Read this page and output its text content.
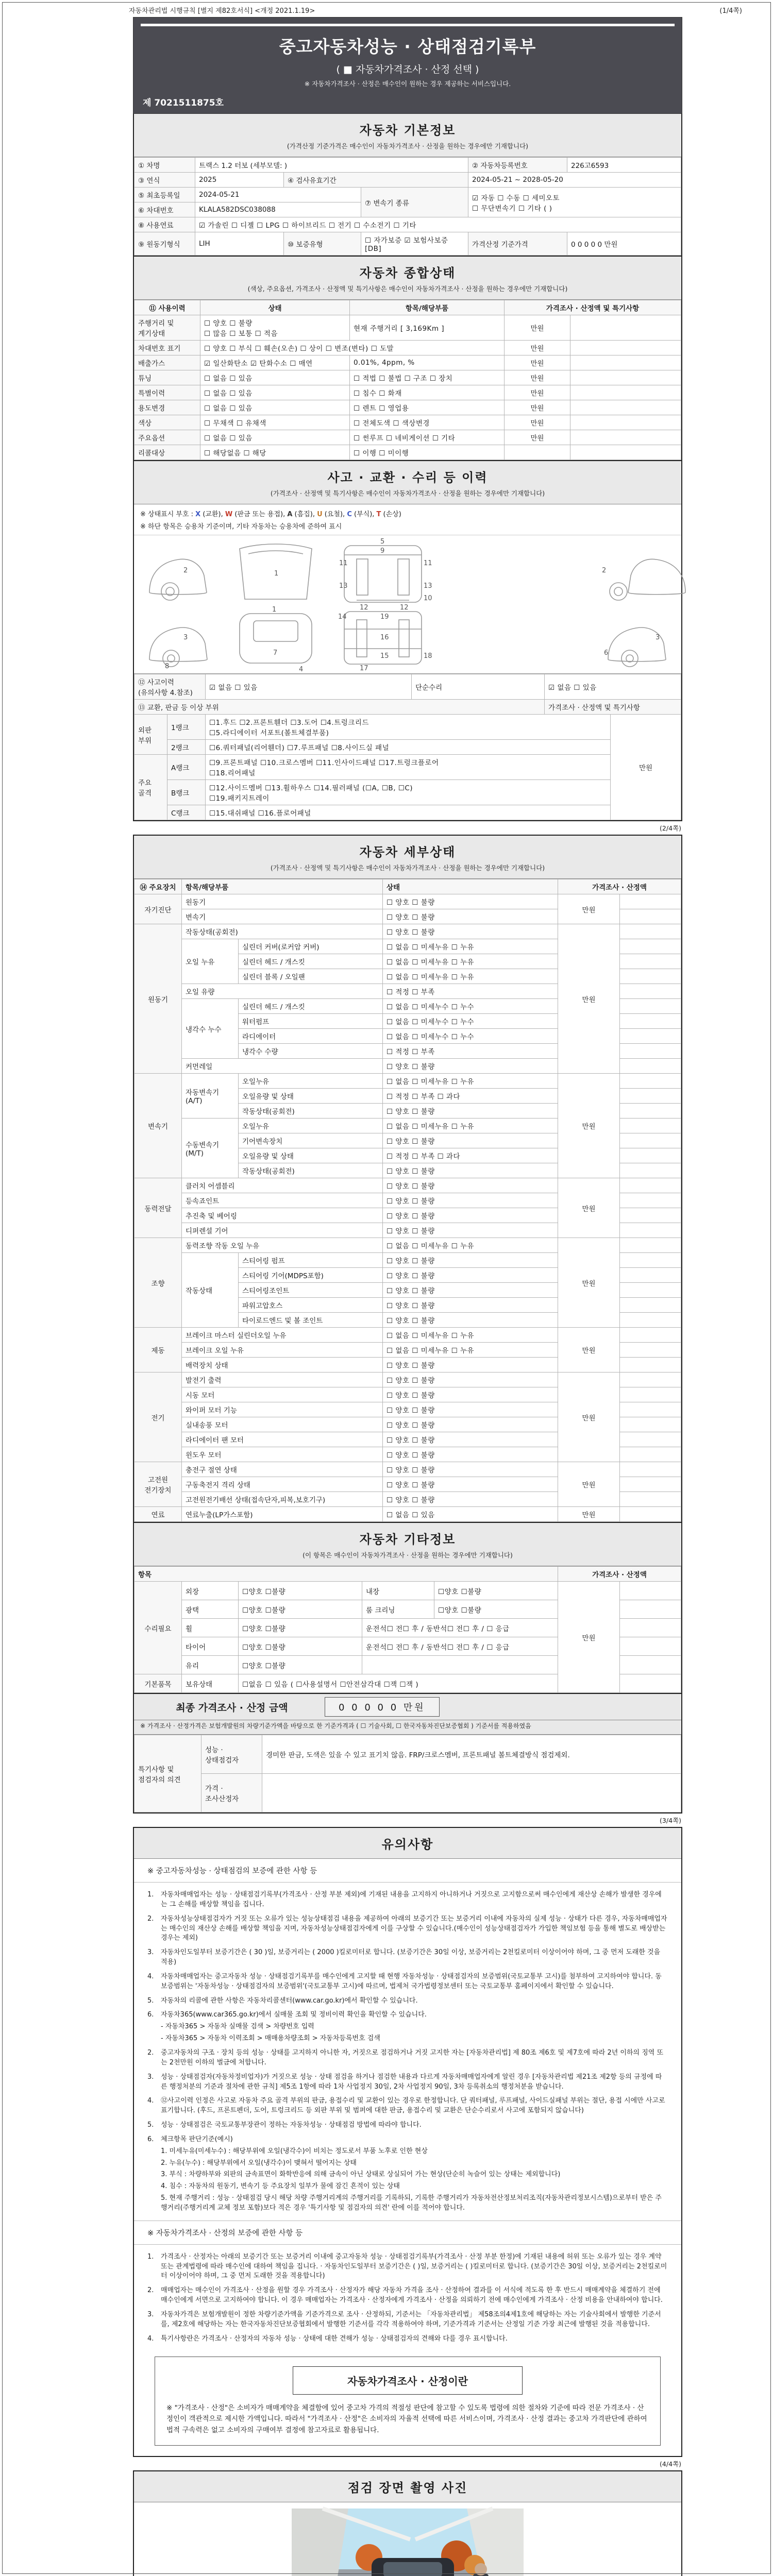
자동차관리법 시행규칙 [별지 제82호서식] <개정 2021.1.19>	(1/4쪽)
중고자동차성능 · 상태점검기록부
( ■ 자동차가격조사 · 산정 선택 )
※ 자동차가격조사 · 산정은 매수인이 원하는 경우 제공하는 서비스입니다.
제 7021511875호
자동차 기본정보
(가격산정 기준가격은 매수인이 자동차가격조사 · 산정을 원하는 경우에만 기재합니다)
① 차명	트랙스 1.2 터보 (세부모델: )			② 자동차등록번호	226고6593
③ 연식	2025	④ 검사유효기간		2024-05-21 ~ 2028-05-20	
⑤ 최초등록일	2024-05-21		⑦ 변속기 종류	☑ 자동 ☐ 수동 ☐ 세미오토
☐ 무단변속기 ☐ 기타 ( )	

⑥ 차대번호	KLALA582DSC038088				
⑧ 사용연료	☑ 가솔린 ☐ 디젤 ☐ LPG ☐ 하이브리드 ☐ 전기 ☐ 수소전기 ☐ 기타				
⑨ 원동기형식	LIH	⑩ 보증유형	☐ 자가보증 ☑ 보험사보증 [DB]	가격산정 기준가격	0 0 0 0 0 만원
자동차 종합상태
(색상, 주요옵션, 가격조사 · 산정액 및 특기사항은 매수인이 자동차가격조사 · 산정을 원하는 경우에만 기재합니다)
⑪ 사용이력	상태	항목/해당부품	가격조사 · 산정액 및 특기사항	
주행거리 및 계기상태	☐ 양호 ☐ 불량
☐ 많음 ☐ 보통 ☐ 적음	현재 주행거리 [ 3,169Km ]	만원	
차대번호 표기	☐ 양호 ☐ 부식 ☐ 훼손(오손) ☐ 상이 ☐ 변조(변타) ☐ 도말		만원	
배출가스	☑ 일산화탄소 ☑ 탄화수소 ☐ 매연	0.01%, 4ppm, %	만원	
튜닝	☐ 없음 ☐ 있음	☐ 적법 ☐ 불법 ☐ 구조 ☐ 장치	만원	
특별이력	☐ 없음 ☐ 있음	☐ 침수 ☐ 화재	만원	
용도변경	☐ 없음 ☐ 있음	☐ 렌트 ☐ 영업용	만원	
색상	☐ 무채색 ☐ 유채색	☐ 전체도색 ☐ 색상변경	만원	
주요옵션	☐ 없음 ☐ 있음	☐ 썬루프 ☐ 네비게이션 ☐ 기타	만원	
리콜대상	☐ 해당없음 ☐ 해당	☐ 이행 ☐ 미이행		
사고 · 교환 · 수리 등 이력
(가격조사 · 산정액 및 특기사항은 매수인이 자동차가격조사 · 산정을 원하는 경우에만 기재합니다)
※ 상태표시 부호 : X (교환), W (판금 또는 용접), A (흠집), U (요철), C (부식), T (손상)
※ 하단 항목은 승용차 기준이며, 기타 자동차는 승용차에 준하여 표시
2	1
11	11
13	13
12	12
9
5
2
3
8
1
7
4
14	19
16
15
17
18
3
6
10
⑫ 사고이력 (유의사항 4.참조)		☑ 없음 ☐ 있음	단순수리	☑ 없음 ☐ 있음	
⑬ 교환, 판금 등 이상 부위				가격조사 · 산정액 및 특기사항	
외판 부위	1랭크	☐1.후드 ☐2.프론트휀더 ☐3.도어 ☐4.트렁크리드
☐5.라디에이터 서포트(볼트체결부품)			만원
	2랭크	☐6.쿼터패널(리어휀더) ☐7.루프패널 ☐8.사이드실 패널			

주요 골격	A랭크	☐9.프론트패널 ☐10.크로스멤버 ☐11.인사이드패널 ☐17.트렁크플로어
☐18.리어패널			

	B랭크	☐12.사이드멤버 ☐13.휠하우스 ☐14.필러패널 (☐A, ☐B, ☐C)
☐19.패키지트레이			

	C랭크	☐15.대쉬패널 ☐16.플로어패널			
(2/4쪽)
자동차 세부상태
(가격조사 · 산정액 및 특기사항은 매수인이 자동차가격조사 · 산정을 원하는 경우에만 기재합니다)
⑭ 주요장치	항목/해당부품		상태	가격조사 · 산정액	
자기진단	원동기		☐ 양호 ☐ 불량	만원	
	변속기		☐ 양호 ☐ 불량		
원동기	작동상태(공회전)		☐ 양호 ☐ 불량	만원	
	오일 누유	실린더 커버(로커암 커버)	☐ 없음 ☐ 미세누유 ☐ 누유		
		실린더 헤드 / 개스킷	☐ 없음 ☐ 미세누유 ☐ 누유		
		실린더 블록 / 오일팬	☐ 없음 ☐ 미세누유 ☐ 누유		
	오일 유량		☐ 적정 ☐ 부족		
	냉각수 누수	실린더 헤드 / 개스킷	☐ 없음 ☐ 미세누수 ☐ 누수		
		워터펌프	☐ 없음 ☐ 미세누수 ☐ 누수		
		라디에이터	☐ 없음 ☐ 미세누수 ☐ 누수		
		냉각수 수량	☐ 적정 ☐ 부족		
	커먼레일		☐ 양호 ☐ 불량		
변속기	자동변속기 (A/T)	오일누유	☐ 없음 ☐ 미세누유 ☐ 누유	만원	
		오일유량 및 상태	☐ 적정 ☐ 부족 ☐ 과다		
		작동상태(공회전)	☐ 양호 ☐ 불량		
	수동변속기 (M/T)	오일누유	☐ 없음 ☐ 미세누유 ☐ 누유		
		기어변속장치	☐ 양호 ☐ 불량		
		오일유량 및 상태	☐ 적정 ☐ 부족 ☐ 과다		
		작동상태(공회전)	☐ 양호 ☐ 불량		
동력전달	클러치 어셈블리		☐ 양호 ☐ 불량	만원	
	등속죠인트		☐ 양호 ☐ 불량		
	추진축 및 베어링		☐ 양호 ☐ 불량		
	디퍼렌셜 기어		☐ 양호 ☐ 불량		
조향	동력조향 작동 오일 누유		☐ 없음 ☐ 미세누유 ☐ 누유	만원	
	작동상태	스티어링 펌프	☐ 양호 ☐ 불량		
		스티어링 기어(MDPS포함)	☐ 양호 ☐ 불량		
		스티어링조인트	☐ 양호 ☐ 불량		
		파워고압호스	☐ 양호 ☐ 불량		
		타이로드엔드 및 볼 조인트	☐ 양호 ☐ 불량		
제동	브레이크 마스터 실린더오일 누유		☐ 없음 ☐ 미세누유 ☐ 누유	만원	
	브레이크 오일 누유		☐ 없음 ☐ 미세누유 ☐ 누유		
	배력장치 상태		☐ 양호 ☐ 불량		
전기	발전기 출력		☐ 양호 ☐ 불량	만원	
	시동 모터		☐ 양호 ☐ 불량		
	와이퍼 모터 기능		☐ 양호 ☐ 불량		
	실내송풍 모터		☐ 양호 ☐ 불량		
	라디에이터 팬 모터		☐ 양호 ☐ 불량		
	윈도우 모터		☐ 양호 ☐ 불량		
고전원 전기장치	충전구 절연 상태		☐ 양호 ☐ 불량	만원	
	구동축전지 격리 상태		☐ 양호 ☐ 불량		
	고전원전기배선 상태(접속단자,피복,보호기구)		☐ 양호 ☐ 불량		
연료	연료누출(LP가스포함)		☐ 없음 ☐ 있음	만원	
자동차 기타정보
(이 항목은 매수인이 자동차가격조사 · 산정을 원하는 경우에만 기재합니다)
항목					가격조사 · 산정액	
수리필요	외장	☐양호 ☐불량	내장	☐양호 ☐불량	만원	
	광택	☐양호 ☐불량	룸 크리닝	☐양호 ☐불량		
	휠	☐양호 ☐불량	운전석☐ 전☐ 후 / 동반석☐ 전☐ 후 / ☐ 응급			
	타이어	☐양호 ☐불량	운전석☐ 전☐ 후 / 동반석☐ 전☐ 후 / ☐ 응급			
	유리	☐양호 ☐불량				
기본품목	보유상태	☐없음 ☐ 있음 ( ☐사용설명서 ☐안전삼각대 ☐잭 ☐잭 )				
최종 가격조사 · 산정 금액	0 0 0 0 0 만원
※ 가격조사 · 산정가격은 보험개발원의 차량기준가액을 바탕으로 한 기준가격과 ( ☐ 기술사회, ☐ 한국자동차진단보증협회 ) 기준서를 적용하였음
특기사항 및 점검자의 의견	성능 · 상태점검자	경미한 판금, 도색은 있을 수 있고 표기치 않음. FRP/크로스멤버, 프론트패널 볼트체결방식 점검제외.
	가격 · 조사산정자	
(3/4쪽)
유의사항
※ 중고자동차성능 · 상태점검의 보증에 관한 사항 등
1.	자동차매매업자는 성능 · 상태점검기록부(가격조사 · 산정 부분 제외)에 기재된 내용을 고지하지 아니하거나 거짓으로 고지함으로써 매수인에게 재산상 손해가 발생한 경우에는 그 손해를 배상할 책임을 집니다.
2.	자동차성능상태점검자가 거짓 또는 오류가 있는 성능상태점검 내용을 제공하여 아래의 보증기간 또는 보증거리 이내에 자동차의 실제 성능 · 상태가 다른 경우, 자동차매매업자는 매수인의 재산상 손해를 배상할 책임을 지며, 자동차성능상태점검자에게 이를 구상할 수 있습니다.(매수인이 성능상태점검자가 가입한 책임보험 등을 통해 별도로 배상받는 경우는 제외)
3.	자동차인도일부터 보증기간은 ( 30 )일, 보증거리는 ( 2000 )킬로미터로 합니다. (보증기간은 30일 이상, 보증거리는 2천킬로미터 이상이어야 하며, 그 중 먼저 도래한 것을 적용)
4.	자동차매매업자는 중고자동차 성능 · 상태점검기록부를 매수인에게 고지할 때 현행 자동차성능 · 상태점검자의 보증범위(국토교통부 고시)를 첨부하여 고지하여야 합니다. 동 보증범위는 '자동차성능 · 상태점검자의 보증범위'(국토교통부 고시)에 따르며, 법제처 국가법령정보센터 또는 국토교통부 홈페이지에서 확인할 수 있습니다.
5.	자동차의 리콜에 관한 사항은 자동차리콜센터(www.car.go.kr)에서 확인할 수 있습니다.
6.	자동차365(www.car365.go.kr)에서 실매물 조회 및 정비이력 확인을 확인할 수 있습니다.
- 자동차365 > 자동차 실매물 검색 > 차량번호 입력
- 자동차365 > 자동차 이력조회 > 매매용차량조회 > 자동차등록번호 검색
2.	중고자동차의 구조 · 장치 등의 성능 · 상태를 고지하지 아니한 자, 거짓으로 점검하거나 거짓 고지한 자는 [자동차관리법] 제 80조 제6호 및 제7호에 따라 2년 이하의 징역 또는 2천만원 이하의 벌금에 처합니다.
3.	성능 · 상태점검자(자동차정비업자)가 거짓으로 성능 · 상태 점검을 하거나 점검한 내용과 다르게 자동차매매업자에게 알린 경우 [자동차관리법 제21조 제2항 등의 규정에 따른 행정처분의 기준과 절차에 관한 규칙] 제5조 1항에 따라 1차 사업정지 30일, 2차 사업정지 90일, 3차 등록취소의 행정처분을 받습니다.
4.	⑫사고이력 인정은 사고로 자동차 주요 골격 부위의 판금, 용접수리 및 교환이 있는 경우로 한정합니다. 단 쿼터패널, 루프패널, 사이드실패널 부위는 절단, 용접 시에만 사고로 표기합니다. (후드, 프론트펜더, 도어, 트렁크리드 등 외판 부위 및 범퍼에 대한 판금, 용접수리 및 교환은 단순수리로서 사고에 포함되지 않습니다)
5.	성능 · 상태점검은 국토교통부장관이 정하는 자동차성능 · 상태점검 방법에 따라야 합니다.
6.	체크항목 판단기준(예시)
1. 미세누유(미세누수) : 해당부위에 오일(냉각수)이 비치는 정도로서 부품 노후로 인한 현상
2. 누유(누수) : 해당부위에서 오일(냉각수)이 맺혀서 떨어지는 상태
3. 부식 : 차량하부와 외판의 금속표면이 화학반응에 의해 금속이 아닌 상태로 상실되어 가는 현상(단순히 녹슬어 있는 상태는 제외합니다)
4. 침수 : 자동차의 원동기, 변속기 등 주요장치 일부가 물에 잠긴 흔적이 있는 상태
5. 현재 주행거리 : 성능 · 상태점검 당시 해당 차량 주행거리계의 주행거리를 기록하되, 기록한 주행거리가 자동차전산정보처리조직(자동차관리정보시스템)으로부터 받은 주행거리(주행거리계 교체 정보 포함)보다 적은 경우 '특기사항 및 점검자의 의견' 란에 이를 적어야 합니다.
※ 자동차가격조사 · 산정의 보증에 관한 사항 등
1.	가격조사 · 산정자는 아래의 보증기간 또는 보증거리 이내에 중고자동차 성능 · 상태점검기록부(가격조사 · 산정 부분 한정)에 기재된 내용에 허위 또는 오류가 있는 경우 계약 또는 관계법령에 따라 매수인에 대하여 책임을 집니다. · 자동차인도일부터 보증기간은 ( )일, 보증거리는 ( )킬로미터로 합니다. (보증기간은 30일 이상, 보증거리는 2천킬로미터 이상이어야 하며, 그 중 먼저 도래한 것을 적용합니다)
2.	매매업자는 매수인이 가격조사 · 산정을 원할 경우 가격조사 · 산정자가 해당 자동차 가격을 조사 · 산정하여 결과를 이 서식에 적도록 한 후 반드시 매매계약을 체결하기 전에 매수인에게 서면으로 고지하여야 합니다. 이 경우 매매업자는 가격조사 · 산정자에게 가격조사 · 산정을 의뢰하기 전에 매수인에게 가격조사 · 산정 비용을 안내하여야 합니다.
3.	자동차가격은 보험개발원이 정한 차량기준가액을 기준가격으로 조사 · 산정하되, 기준서는 「자동차관리법」 제58조의4제1호에 해당하는 자는 기술사회에서 발행한 기준서를, 제2호에 해당하는 자는 한국자동차진단보증협회에서 발행한 기준서를 각각 적용하여야 하며, 기준가격과 기준서는 산정일 기준 가장 최근에 발행된 것을 적용합니다.
4.	특기사항란은 가격조사 · 산정자의 자동차 성능 · 상태에 대한 견해가 성능 · 상태점검자의 견해와 다를 경우 표시합니다.
자동차가격조사 · 산정이란
※ "가격조사 · 산정"은 소비자가 매매계약을 체결함에 있어 중고차 가격의 적절성 판단에 참고할 수 있도록 법령에 의한 절차와 기준에 따라 전문 가격조사 · 산정인이 객관적으로 제시한 가액입니다. 따라서 "가격조사 · 산정"은 소비자의 자율적 선택에 따른 서비스이며, 가격조사 · 산정 결과는 중고차 가격판단에 관하여 법적 구속력은 없고 소비자의 구매여부 결정에 참고자료로 활용됩니다.
(4/4쪽)
점검 장면 촬영 사진
